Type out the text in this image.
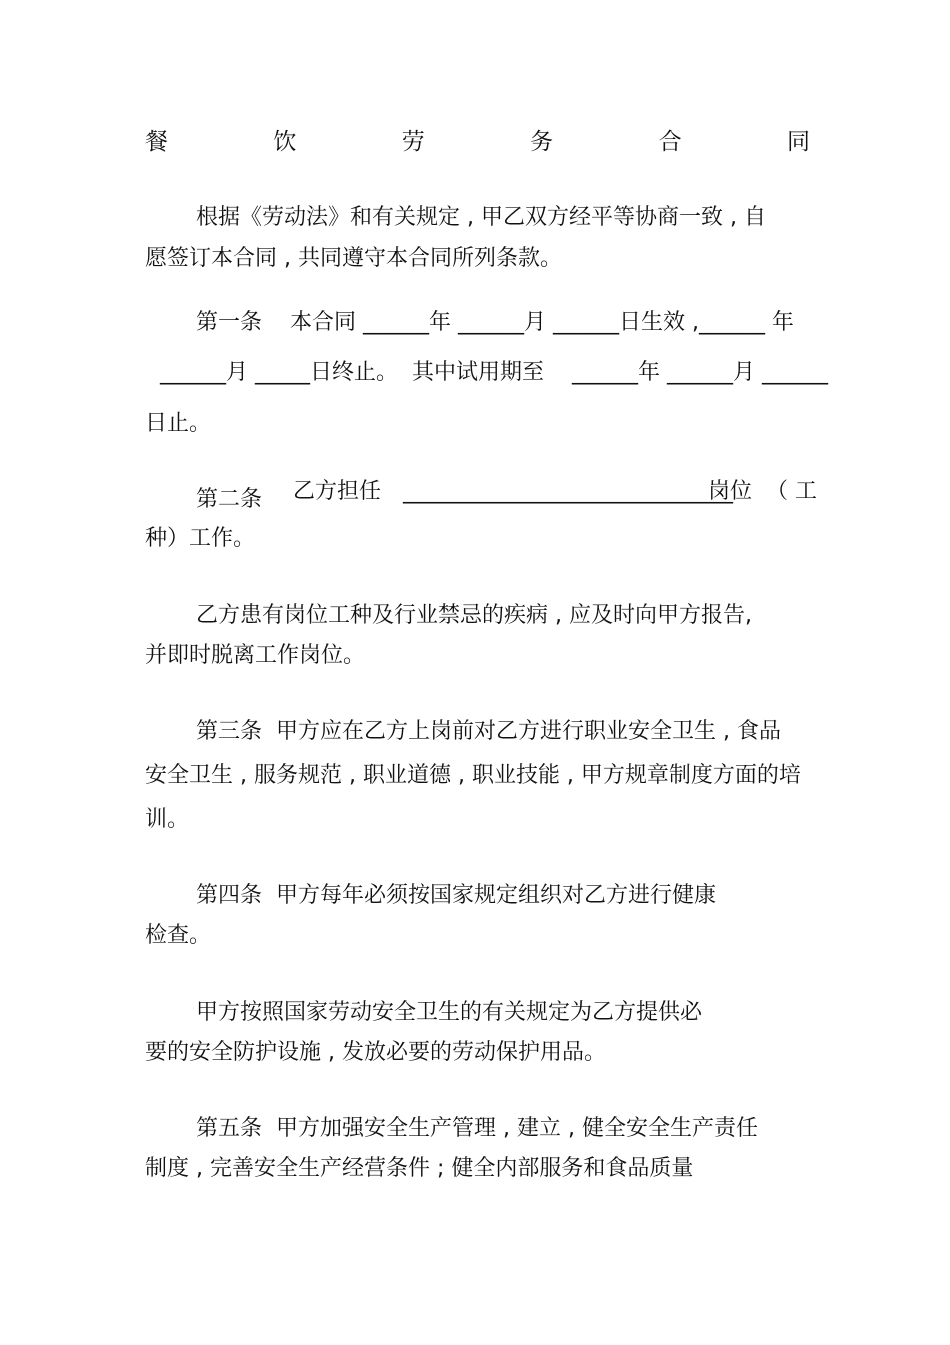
餐	饮	劳	务	合	同
根据《劳动法》和有关规定 , 甲乙双方经平等协商一致 , 自
愿签订本合同 , 共同遵守本合同所列条款。
第一条    本合同 ______年 ______月 ______日生效 ,______ 年
______月 _____日终止。  其中试用期至    ______年 ______月 ______
日止。
第二条 乙方担任 ______________________________
岗位  （ 工
种）工作。
乙方患有岗位工种及行业禁忌的疾病 , 应及时向甲方报告,
并即时脱离工作岗位。
第三条  甲方应在乙方上岗前对乙方进行职业安全卫生 , 食品
安全卫生 , 服务规范 , 职业道德 , 职业技能 , 甲方规章制度方面的培
训。
第四条  甲方每年必须按国家规定组织对乙方进行健康
检查。
甲方按照国家劳动安全卫生的有关规定为乙方提供必
要的安全防护设施 , 发放必要的劳动保护用品。
第五条  甲方加强安全生产管理 , 建立 , 健全安全生产责任
制度 , 完善安全生产经营条件 ; 健全内部服务和食品质量
